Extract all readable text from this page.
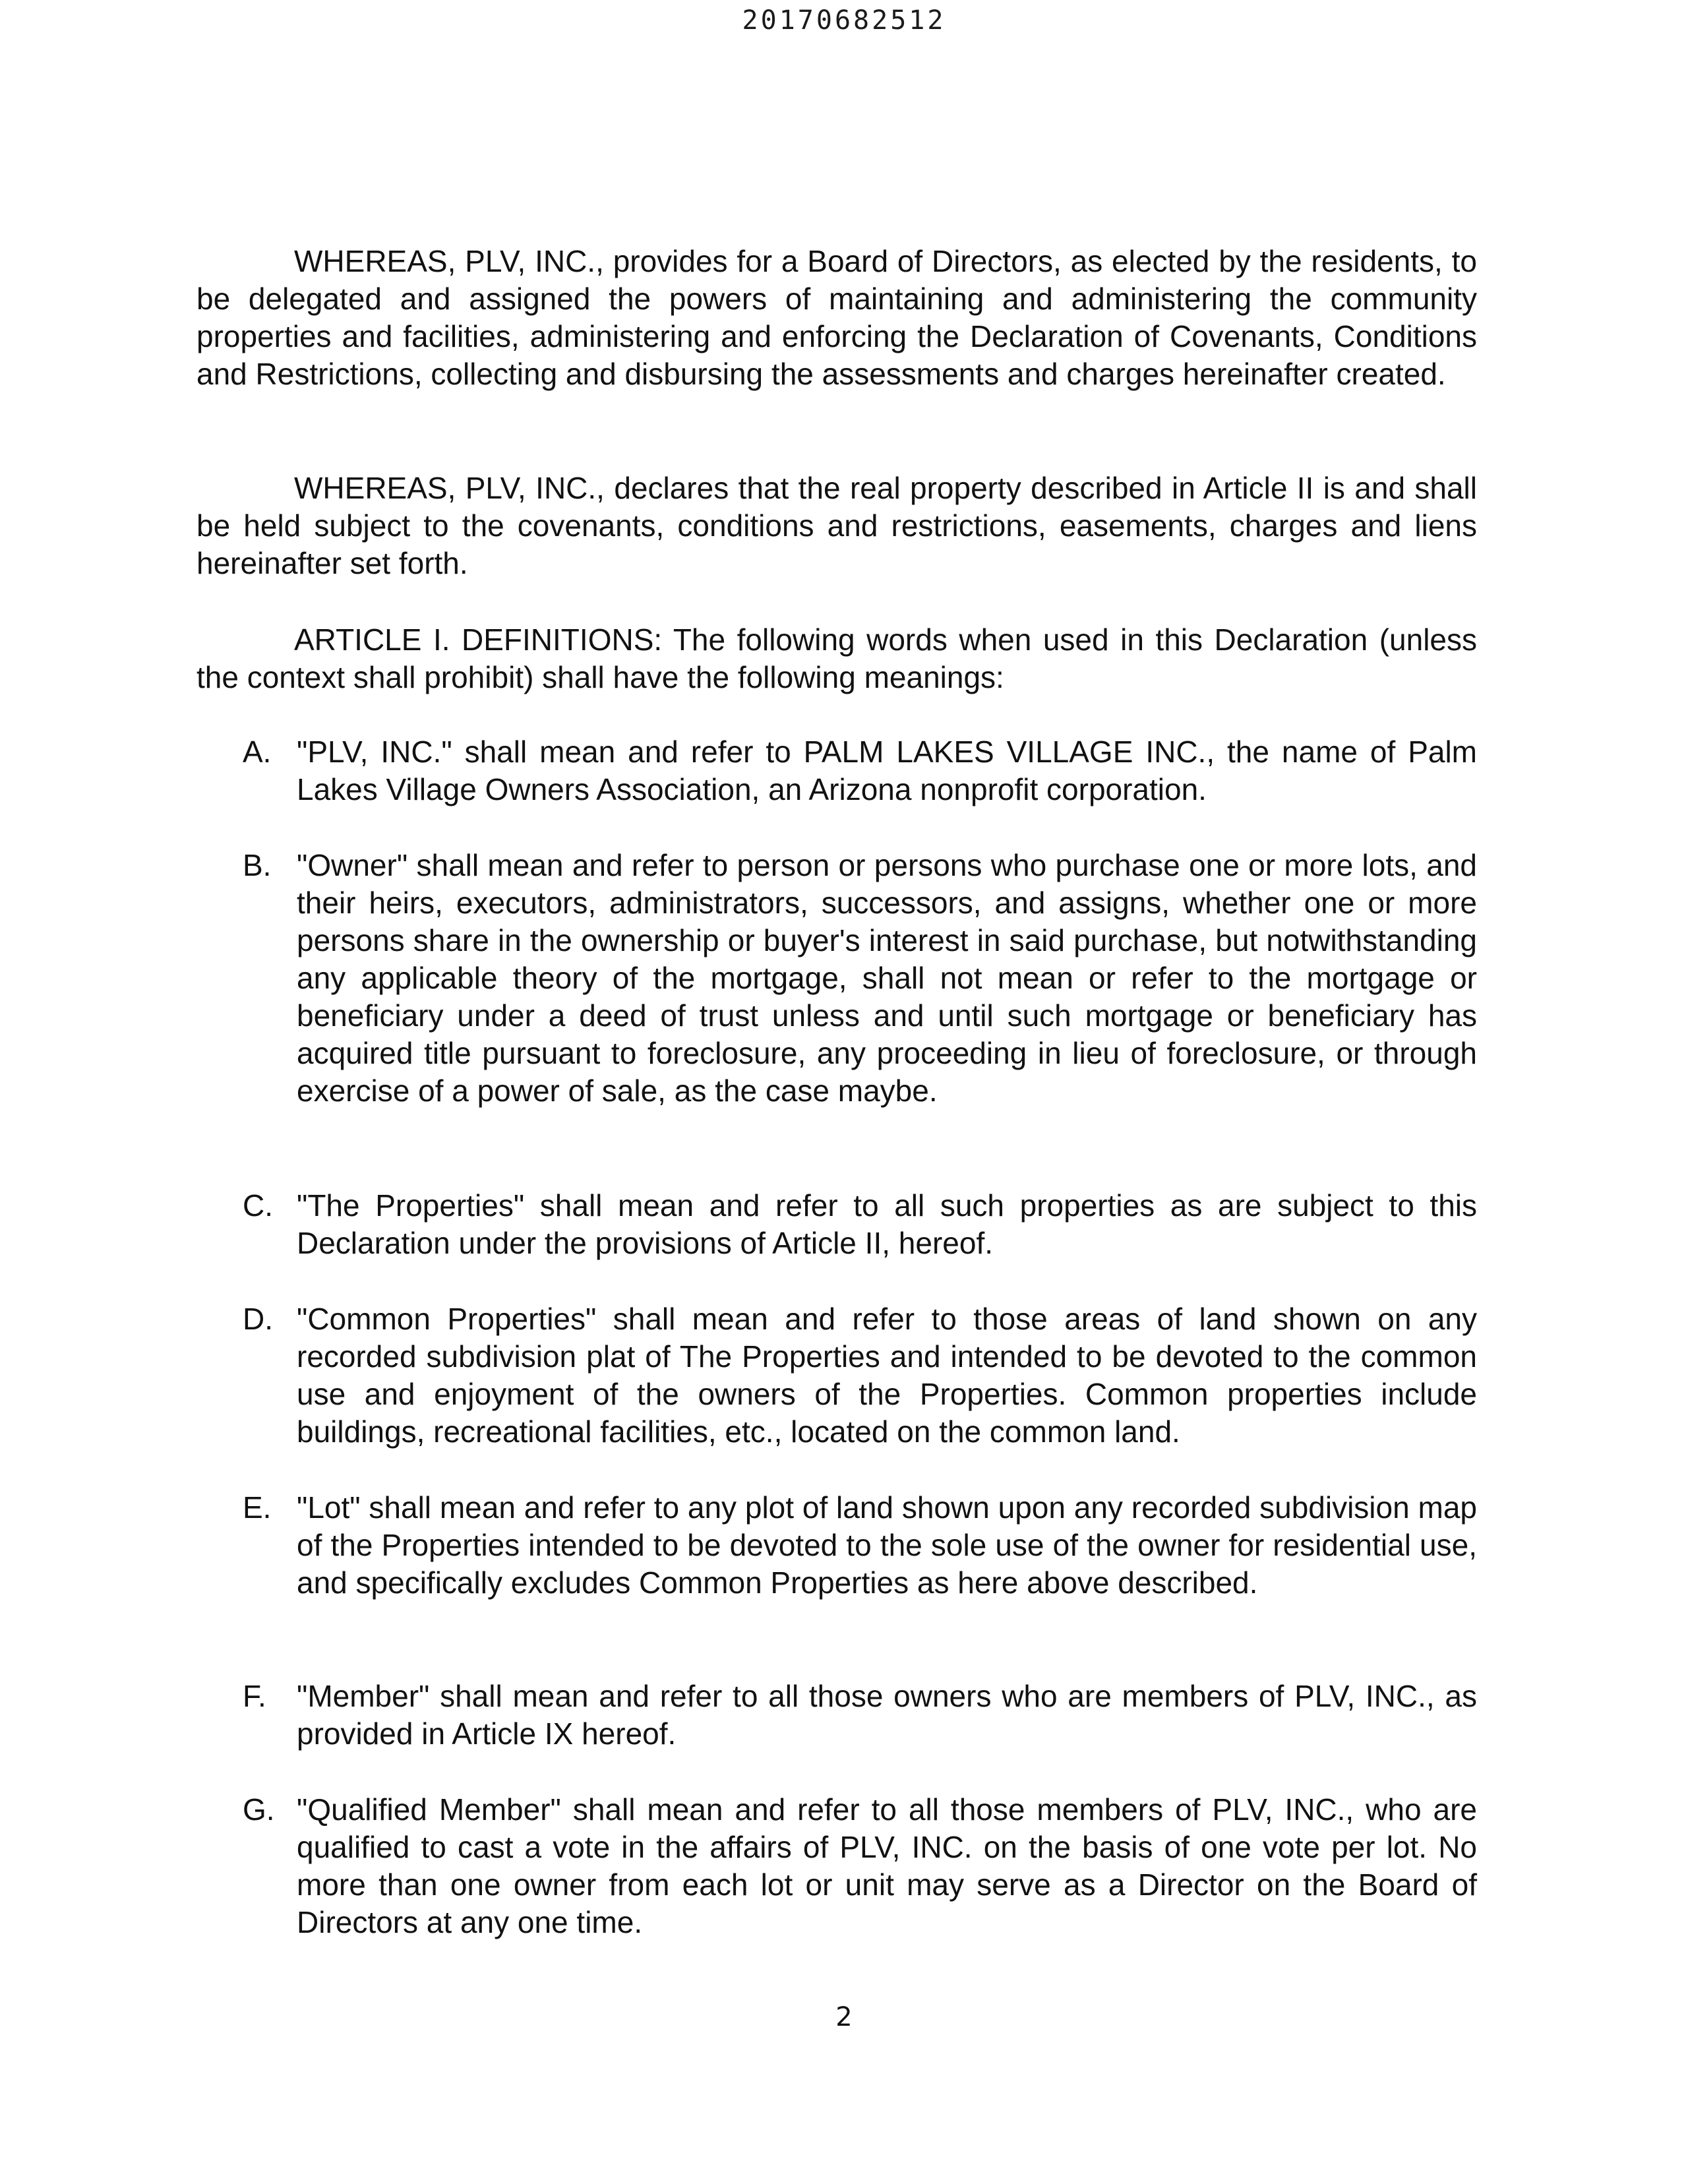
20170682512

WHEREAS, PLV, INC., provides for a Board of Directors, as elected by the residents, to be delegated and assigned the powers of maintaining and administering the community properties and facilities, administering and enforcing the Declaration of Covenants, Conditions and Restrictions, collecting and disbursing the assessments and charges hereinafter created.

WHEREAS, PLV, INC., declares that the real property described in Article II is and shall be held subject to the covenants, conditions and restrictions, easements, charges and liens hereinafter set forth.

ARTICLE I. DEFINITIONS: The following words when used in this Declaration (unless the context shall prohibit) shall have the following meanings:

A. "PLV, INC." shall mean and refer to PALM LAKES VILLAGE INC., the name of Palm Lakes Village Owners Association, an Arizona nonprofit corporation.
B. "Owner" shall mean and refer to person or persons who purchase one or more lots, and their heirs, executors, administrators, successors, and assigns, whether one or more persons share in the ownership or buyer's interest in said purchase, but notwithstanding any applicable theory of the mortgage, shall not mean or refer to the mortgage or beneficiary under a deed of trust unless and until such mortgage or beneficiary has acquired title pursuant to foreclosure, any proceeding in lieu of foreclosure, or through exercise of a power of sale, as the case maybe.
C. "The Properties" shall mean and refer to all such properties as are subject to this Declaration under the provisions of Article II, hereof.
D. "Common Properties" shall mean and refer to those areas of land shown on any recorded subdivision plat of The Properties and intended to be devoted to the common use and enjoyment of the owners of the Properties. Common properties include buildings, recreational facilities, etc., located on the common land.
E. "Lot" shall mean and refer to any plot of land shown upon any recorded subdivision map of the Properties intended to be devoted to the sole use of the owner for residential use, and specifically excludes Common Properties as here above described.
F.	"Member" shall mean and refer to all those owners who are members of PLV, INC., as provided in Article IX hereof.
G. "Qualified Member" shall mean and refer to all those members of PLV, INC., who are qualified to cast a vote in the affairs of PLV, INC. on the basis of one vote per lot. No more than one owner from each lot or unit may serve as a Director on the Board of Directors at any one time.
2
